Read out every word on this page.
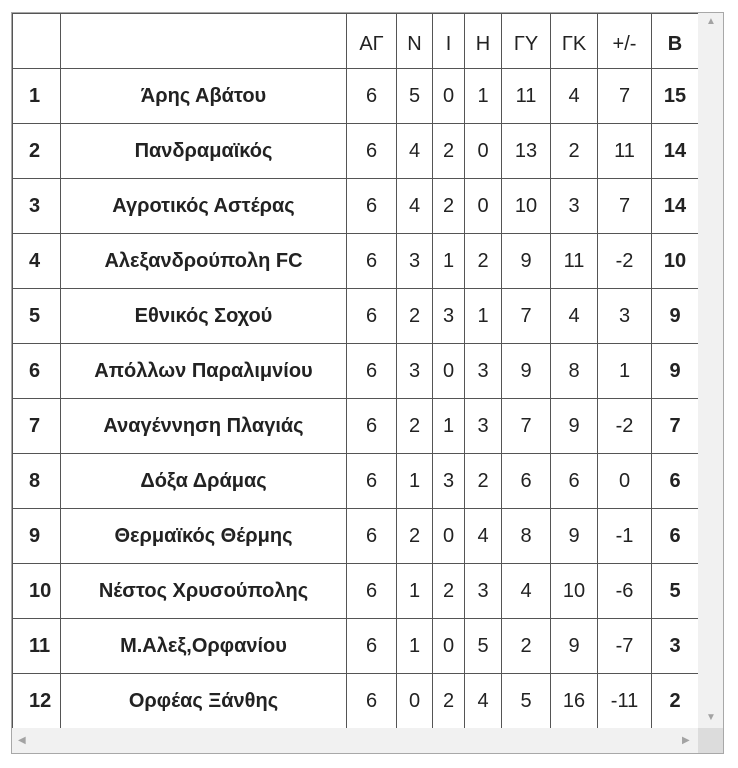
		ΑΓ	Ν	Ι	Η	ΓΥ	ΓΚ	+/-	Β
1	Άρης Αβάτου	6	5	0	1	11	4	7	15
2	Πανδραμαϊκός	6	4	2	0	13	2	11	14
3	Αγροτικός Αστέρας	6	4	2	0	10	3	7	14
4	Αλεξανδρούπολη FC	6	3	1	2	9	11	-2	10
5	Εθνικός Σοχού	6	2	3	1	7	4	3	9
6	Απόλλων Παραλιμνίου	6	3	0	3	9	8	1	9
7	Αναγέννηση Πλαγιάς	6	2	1	3	7	9	-2	7
8	Δόξα Δράμας	6	1	3	2	6	6	0	6
9	Θερμαϊκός Θέρμης	6	2	0	4	8	9	-1	6
10	Νέστος Χρυσούπολης	6	1	2	3	4	10	-6	5
11	Μ.Αλεξ,Ορφανίου	6	1	0	5	2	9	-7	3
12	Ορφέας Ξάνθης	6	0	2	4	5	16	-11	2
▲
▼
◀	▶
